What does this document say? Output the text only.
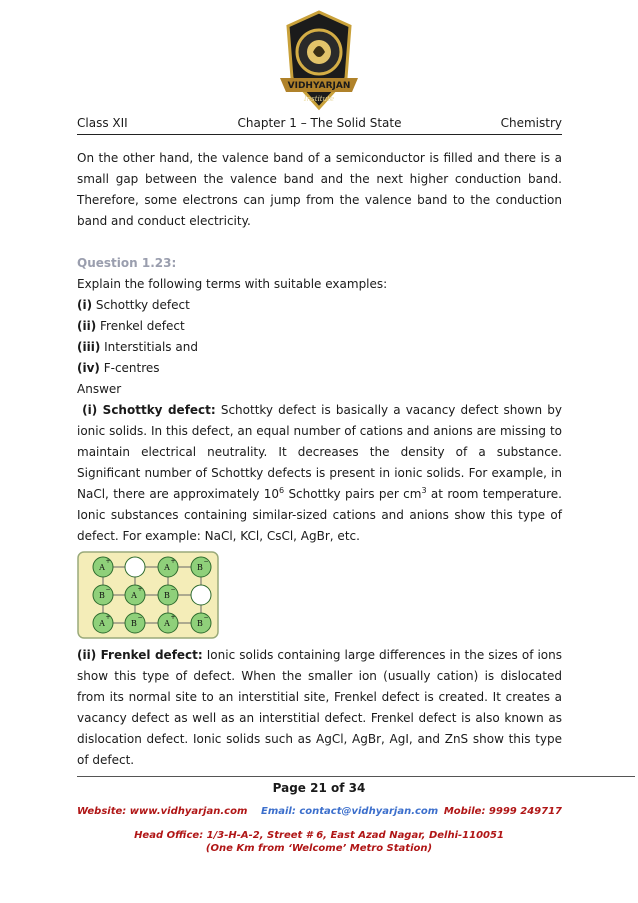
VIDHYARJAN
Institute
Class XII	Chapter 1 – The Solid State	Chemistry

On the other hand, the valence band of a semiconductor is filled and there is a small gap between the valence band and the next higher conduction band. Therefore, some electrons can jump from the valence band to the conduction band and conduct electricity.

Question 1.23:

Explain the following terms with suitable examples:

(i) Schottky defect

(ii) Frenkel defect

(iii) Interstitials and

(iv) F-centres

Answer

(i) Schottky defect: Schottky defect is basically a vacancy defect shown by ionic solids. In this defect, an equal number of cations and anions are missing to maintain electrical neutrality. It decreases the density of a substance. Significant number of Schottky defects is present in ionic solids. For example, in NaCl, there are approximately $10^6$ Schottky pairs per $cm^3$ at room temperature. Ionic substances containing similar-sized cations and anions show this type of defect. For example: NaCl, KCl, CsCl, AgBr, etc.

A
+
A
+
B
−
B
−
A
+
B
−
A
+
B
−
A
+
B
−

(ii) Frenkel defect: Ionic solids containing large differences in the sizes of ions show this type of defect. When the smaller ion (usually cation) is dislocated from its normal site to an interstitial site, Frenkel defect is created. It creates a vacancy defect as well as an interstitial defect. Frenkel defect is also known as dislocation defect. Ionic solids such as AgCl, AgBr, AgI, and ZnS show this type of defect.

Page 21 of 34
Website: www.vidhyarjan.com Email: contact@vidhyarjan.com Mobile: 9999 249717
Head Office: 1/3-H-A-2, Street # 6, East Azad Nagar, Delhi-110051
(One Km from ‘Welcome’ Metro Station)
